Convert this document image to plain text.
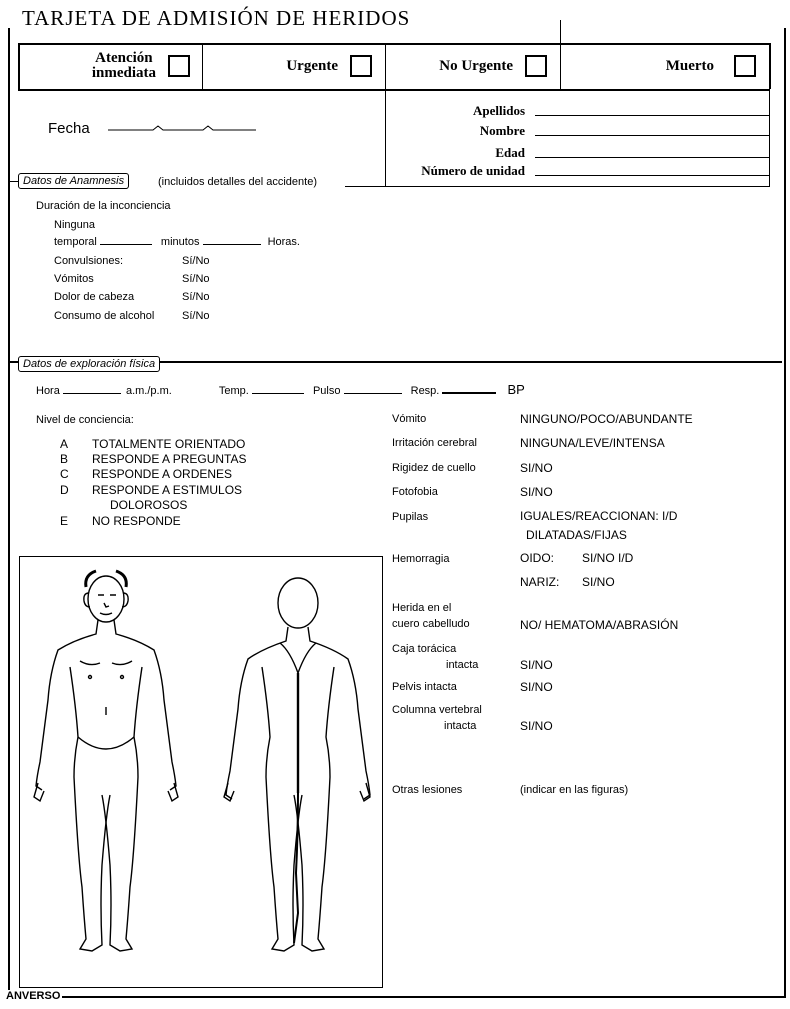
TARJETA DE ADMISIÓN DE HERIDOS
Atención
inmediata	Urgente	No Urgente	Muerto
Fecha
Apellidos
Nombre
Edad
Número de unidad
Datos de Anamnesis	(incluidos detalles del accidente)
Duración de la inconciencia
Ninguna
temporal	minutos	Horas.
Convulsiones:	Sí/No
Vómitos	Sí/No
Dolor de cabeza	Sí/No
Consumo de alcohol	Sí/No
Datos de exploración física
Hora	a.m./p.m.	Temp.	Pulso	Resp.	BP
Nivel de conciencia:
A TOTALMENTE ORIENTADO
B RESPONDE A PREGUNTAS
C RESPONDE A ORDENES
D RESPONDE A ESTIMULOS
DOLOROSOS
E NO RESPONDE
Vómito	NINGUNO/POCO/ABUNDANTE
Irritación cerebral	NINGUNA/LEVE/INTENSA
Rigidez de cuello	SI/NO
Fotofobia	SI/NO
Pupilas	IGUALES/REACCIONAN: I/D
DILATADAS/FIJAS
Hemorragia	OIDO: SI/NO I/D
NARIZ: SI/NO
Herida en el
cuero cabelludo	NO/ HEMATOMA/ABRASIÓN
Caja torácica
intacta	SI/NO
Pelvis intacta	SI/NO
Columna vertebral
intacta	SI/NO
Otras lesiones	(indicar en las figuras)
ANVERSO
